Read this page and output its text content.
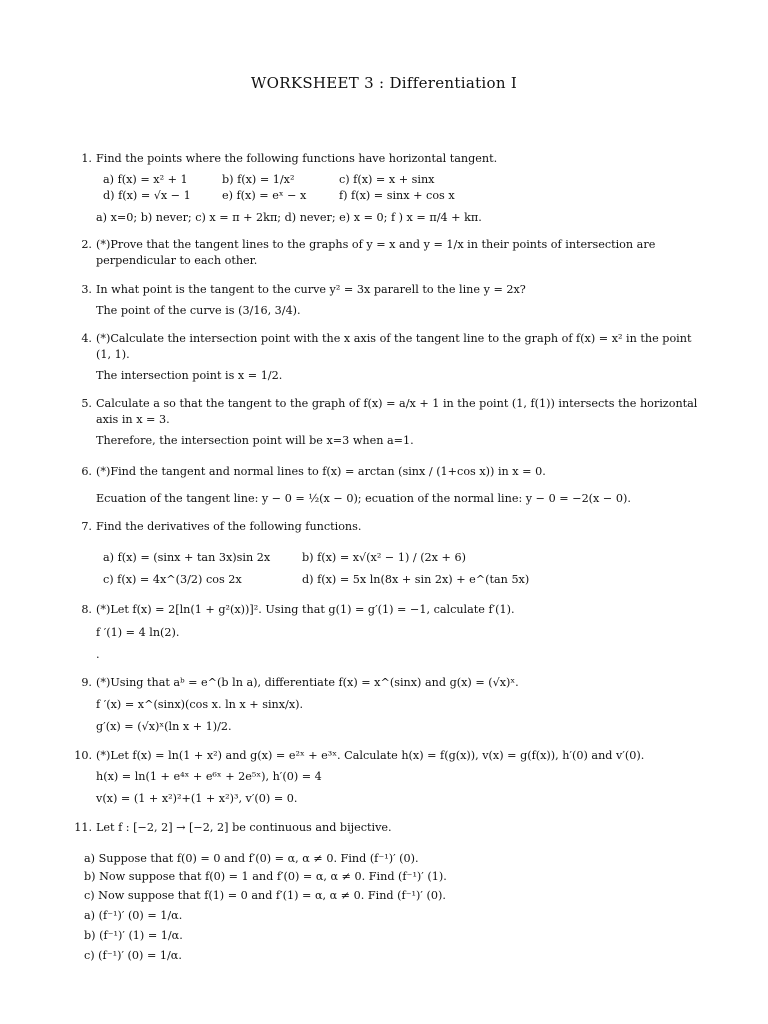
WORKSHEET 3 : Differentiation I
1. Find the points where the following functions have horizontal tangent.
a) f(x) = x² + 1	b) f(x) = 1/x²	c) f(x) = x + sinx
d) f(x) = √x − 1	e) f(x) = eˣ − x	f) f(x) = sinx + cos x
a) x=0; b) never; c) x = π + 2kπ; d) never; e) x = 0; f ) x = π/4 + kπ.
2. (*)Prove that the tangent lines to the graphs of y = x and y = 1/x in their points of intersection are
perpendicular to each other.
3. In what point is the tangent to the curve y² = 3x pararell to the line y = 2x?
The point of the curve is (3/16, 3/4).
4. (*)Calculate the intersection point with the x axis of the tangent line to the graph of f(x) = x² in the point
(1, 1).
The intersection point is x = 1/2.
5. Calculate a so that the tangent to the graph of f(x) = a/x + 1 in the point (1, f(1)) intersects the horizontal
axis in x = 3.
Therefore, the intersection point will be x=3 when a=1.
6. (*)Find the tangent and normal lines to f(x) = arctan (sinx / (1+cos x)) in x = 0.
Ecuation of the tangent line: y − 0 = ½(x − 0); ecuation of the normal line: y − 0 = −2(x − 0).
7. Find the derivatives of the following functions.
a) f(x) = (sinx + tan 3x)sin 2x	b) f(x) = x√(x² − 1) / (2x + 6)
c) f(x) = 4x^(3/2) cos 2x	d) f(x) = 5x ln(8x + sin 2x) + e^(tan 5x)
8. (*)Let f(x) = 2[ln(1 + g²(x))]². Using that g(1) = g′(1) = −1, calculate f′(1).
f ′(1) = 4 ln(2).
.
9. (*)Using that aᵇ = e^(b ln a), differentiate f(x) = x^(sinx) and g(x) = (√x)ˣ.
f ′(x) = x^(sinx)(cos x. ln x + sinx/x).
g′(x) = (√x)ˣ(ln x + 1)/2.
10. (*)Let f(x) = ln(1 + x²) and g(x) = e²ˣ + e³ˣ. Calculate h(x) = f(g(x)), v(x) = g(f(x)), h′(0) and v′(0).
h(x) = ln(1 + e⁴ˣ + e⁶ˣ + 2e⁵ˣ), h′(0) = 4
v(x) = (1 + x²)²+(1 + x²)³, v′(0) = 0.
11. Let f : [−2, 2] → [−2, 2] be continuous and bijective.
a) Suppose that f(0) = 0 and f′(0) = α, α ≠ 0. Find (f⁻¹)′ (0).
b) Now suppose that f(0) = 1 and f′(0) = α, α ≠ 0. Find (f⁻¹)′ (1).
c) Now suppose that f(1) = 0 and f′(1) = α, α ≠ 0. Find (f⁻¹)′ (0).
a) (f⁻¹)′ (0) = 1/α.
b) (f⁻¹)′ (1) = 1/α.
c) (f⁻¹)′ (0) = 1/α.
